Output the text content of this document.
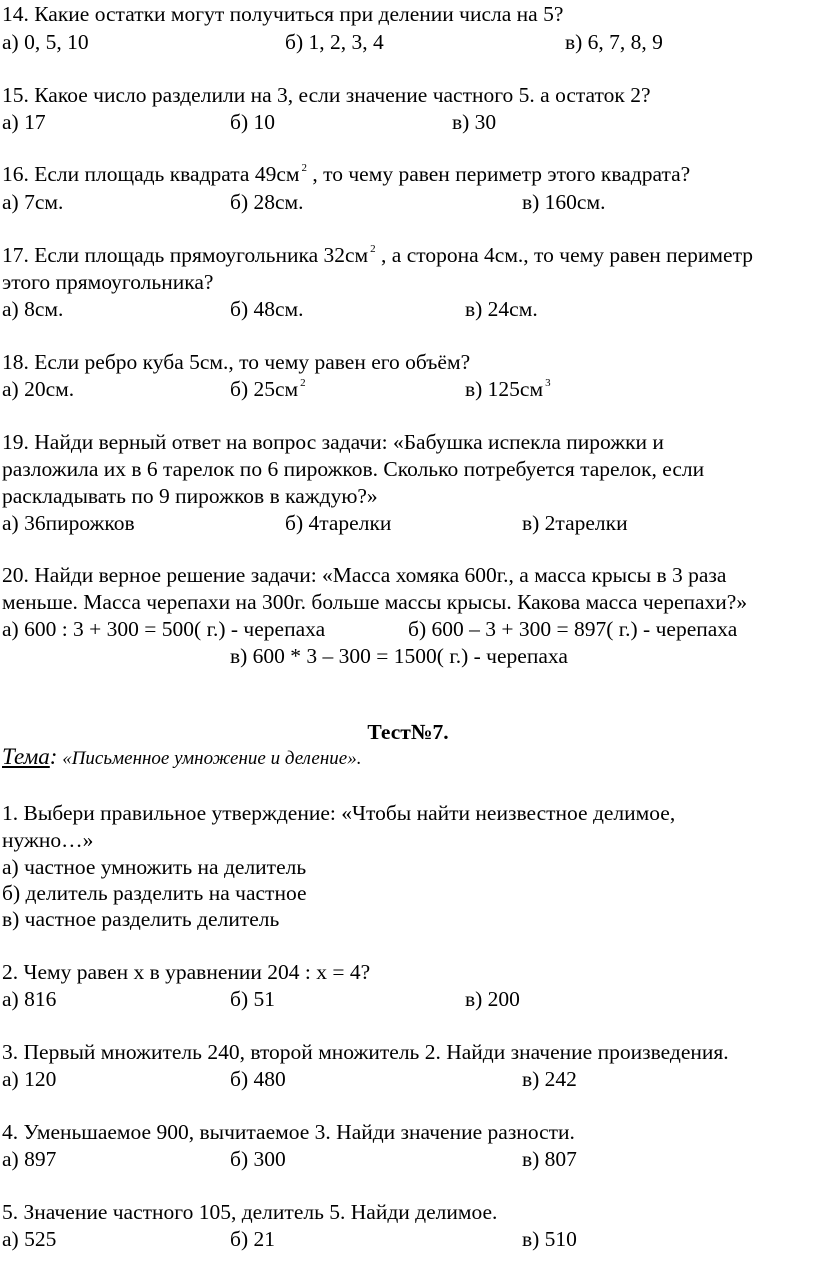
14. Какие остатки могут получиться при делении числа на 5?
а) 0, 5, 10	б) 1, 2, 3, 4	в) 6, 7, 8, 9
15. Какое число разделили на 3, если значение частного 5. а остаток 2?
а) 17	б) 10	в) 30
16. Если площадь квадрата 49см $^2$ , то чему равен периметр этого квадрата?
а) 7см.	б) 28см.	в) 160см.
17. Если площадь прямоугольника 32см $^2$ , а сторона 4см., то чему равен периметр
этого прямоугольника?
а) 8см.	б) 48см.	в) 24см.
18. Если ребро куба 5см., то чему равен его объём?
а) 20см.	б) 25см $^2$	в) 125см $^3$
19. Найди верный ответ на вопрос задачи: «Бабушка испекла пирожки и
разложила их в 6 тарелок по 6 пирожков. Сколько потребуется тарелок, если
раскладывать по 9 пирожков в каждую?»
а) 36пирожков	б) 4тарелки	в) 2тарелки
20. Найди верное решение задачи: «Масса хомяка 600г., а масса крысы в 3 раза
меньше. Масса черепахи на 300г. больше массы крысы. Какова масса черепахи?»
а) 600 : 3 + 300 = 500( г.) - черепаха	б) 600 – 3 + 300 = 897( г.) - черепаха
в) 600 * 3 – 300 = 1500( г.) - черепаха
Тест№7.
Тема: «Письменное умножение и деление».
1. Выбери правильное утверждение: «Чтобы найти неизвестное делимое,
нужно…»
а) частное умножить на делитель
б) делитель разделить на частное
в) частное разделить делитель
2. Чему равен х в уравнении 204 : х = 4?
а) 816	б) 51	в) 200
3. Первый множитель 240, второй множитель 2. Найди значение произведения.
а) 120	б) 480	в) 242
4. Уменьшаемое 900, вычитаемое 3. Найди значение разности.
а) 897	б) 300	в) 807
5. Значение частного 105, делитель 5. Найди делимое.
а) 525	б) 21	в) 510
